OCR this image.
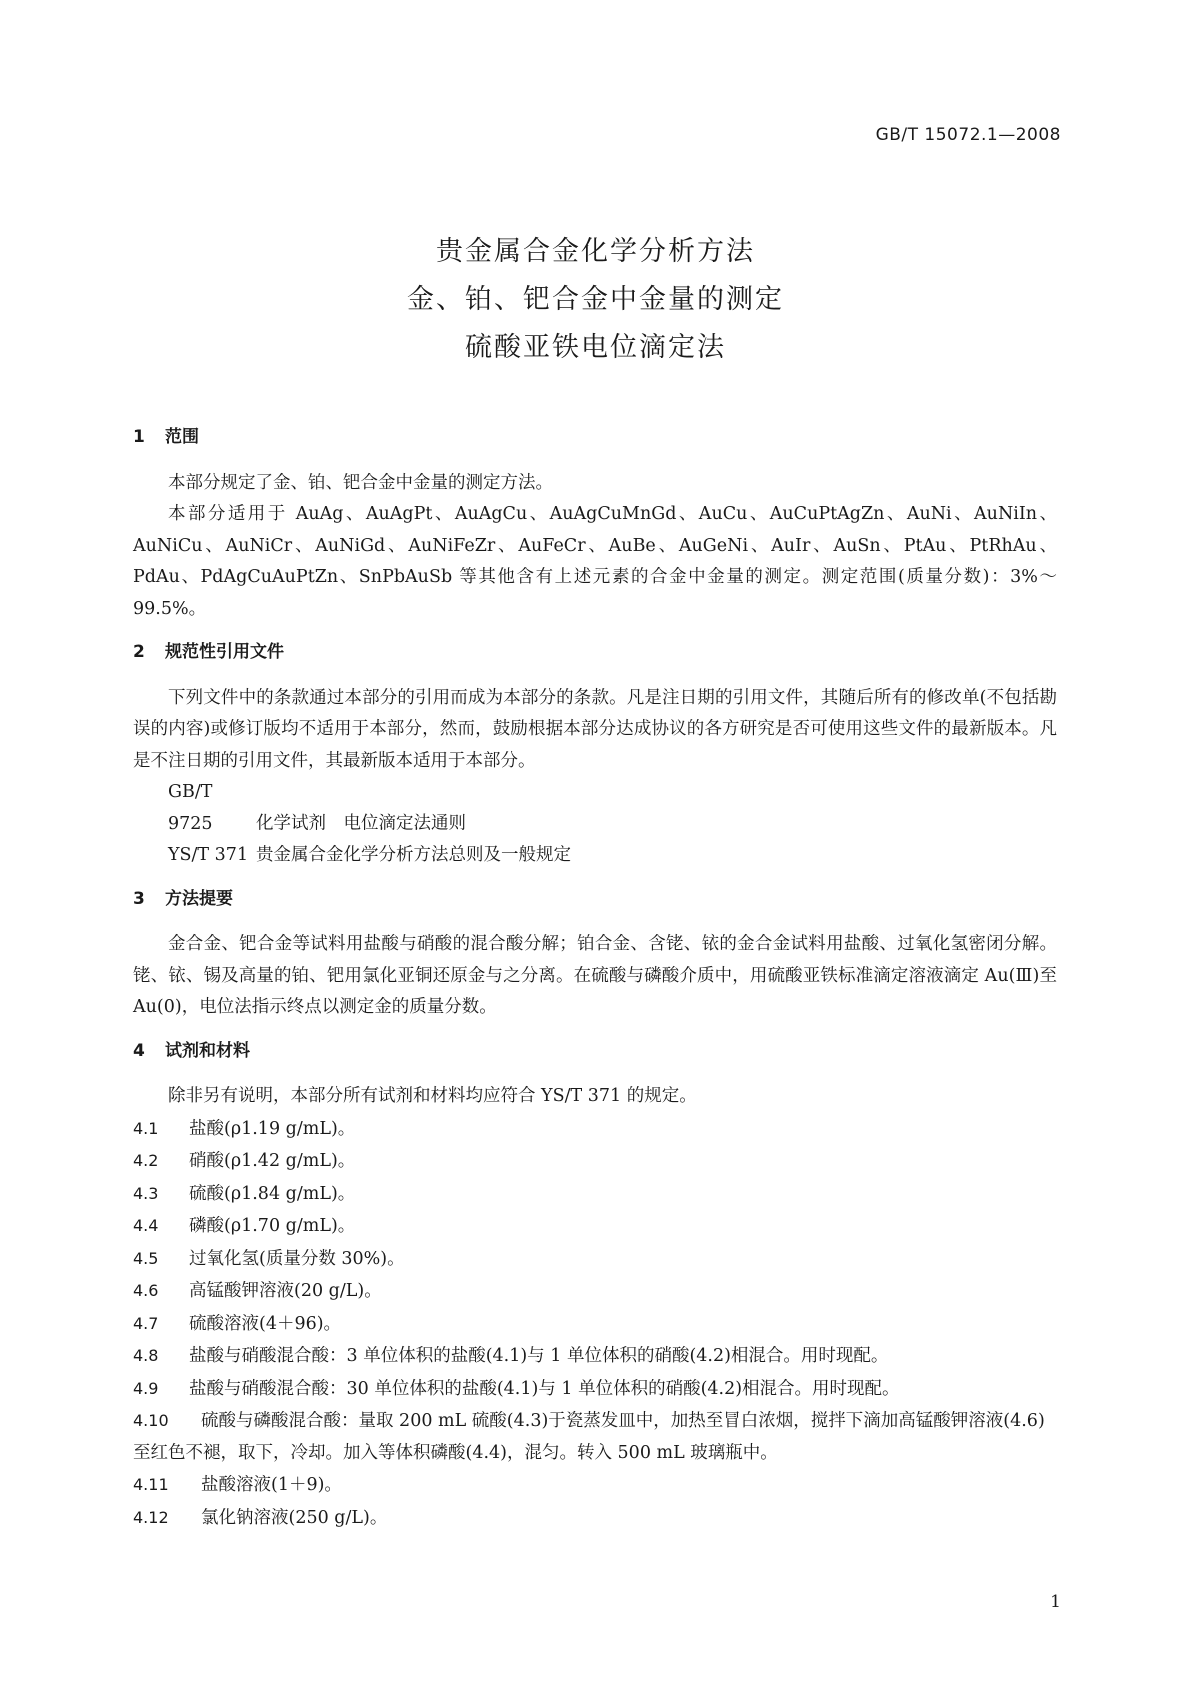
GB/T 15072.1—2008
贵金属合金化学分析方法
金、铂、钯合金中金量的测定
硫酸亚铁电位滴定法
1 范围
本部分规定了金、铂、钯合金中金量的测定方法。
本部分适用于 AuAg、AuAgPt、AuAgCu、AuAgCuMnGd、AuCu、AuCuPtAgZn、AuNi、AuNiIn、AuNiCu、AuNiCr、AuNiGd、AuNiFeZr、AuFeCr、AuBe、AuGeNi、AuIr、AuSn、PtAu、PtRhAu、PdAu、PdAgCuAuPtZn、SnPbAuSb 等其他含有上述元素的合金中金量的测定。测定范围(质量分数)：3%～99.5%。
2 规范性引用文件
下列文件中的条款通过本部分的引用而成为本部分的条款。凡是注日期的引用文件，其随后所有的修改单(不包括勘误的内容)或修订版均不适用于本部分，然而，鼓励根据本部分达成协议的各方研究是否可使用这些文件的最新版本。凡是不注日期的引用文件，其最新版本适用于本部分。
GB/T 9725 化学试剂　电位滴定法通则
YS/T 371 贵金属合金化学分析方法总则及一般规定
3 方法提要
金合金、钯合金等试料用盐酸与硝酸的混合酸分解；铂合金、含铑、铱的金合金试料用盐酸、过氧化氢密闭分解。铑、铱、锡及高量的铂、钯用氯化亚铜还原金与之分离。在硫酸与磷酸介质中，用硫酸亚铁标准滴定溶液滴定 Au(Ⅲ)至 Au(0)，电位法指示终点以测定金的质量分数。
4 试剂和材料
除非另有说明，本部分所有试剂和材料均应符合 YS/T 371 的规定。
4.1 盐酸(ρ1.19 g/mL)。
4.2 硝酸(ρ1.42 g/mL)。
4.3 硫酸(ρ1.84 g/mL)。
4.4 磷酸(ρ1.70 g/mL)。
4.5 过氧化氢(质量分数 30%)。
4.6 高锰酸钾溶液(20 g/L)。
4.7 硫酸溶液(4＋96)。
4.8 盐酸与硝酸混合酸：3 单位体积的盐酸(4.1)与 1 单位体积的硝酸(4.2)相混合。用时现配。
4.9 盐酸与硝酸混合酸：30 单位体积的盐酸(4.1)与 1 单位体积的硝酸(4.2)相混合。用时现配。
4.10 硫酸与磷酸混合酸：量取 200 mL 硫酸(4.3)于瓷蒸发皿中，加热至冒白浓烟，搅拌下滴加高锰酸钾溶液(4.6)至红色不褪，取下，冷却。加入等体积磷酸(4.4)，混匀。转入 500 mL 玻璃瓶中。
4.11 盐酸溶液(1＋9)。
4.12 氯化钠溶液(250 g/L)。
1
